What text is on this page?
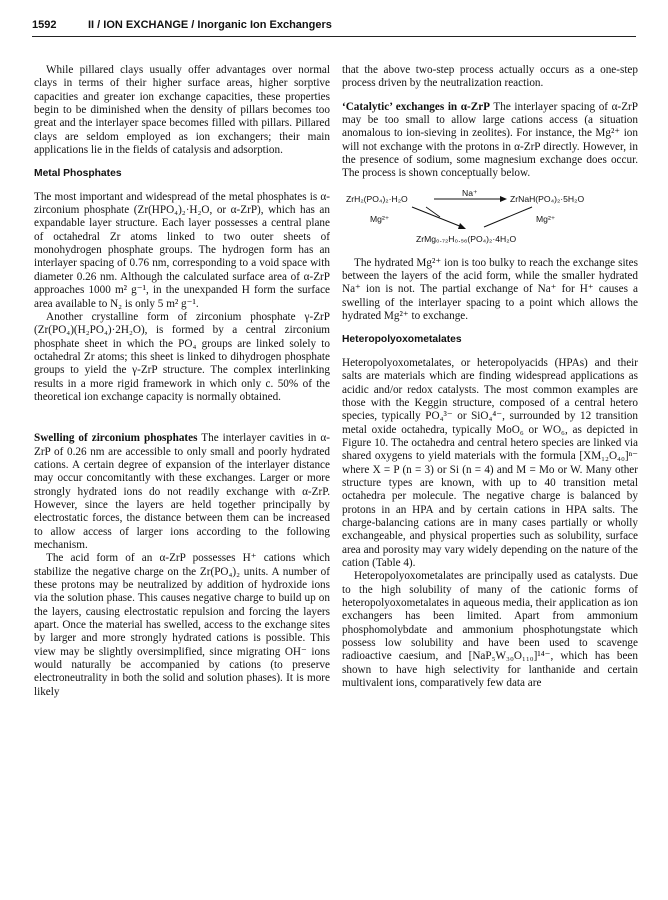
1592	II / ION EXCHANGE / Inorganic Ion Exchangers

While pillared clays usually offer advantages over normal clays in terms of their higher surface areas, higher sorptive capacities and greater ion exchange capacities, these properties begin to be diminished when the density of pillars becomes too great and the interlayer space becomes filled with pillars. Pillared clays are seldom employed as ion exchangers; their main applications lie in the fields of catalysis and adsorption.

Metal Phosphates

The most important and widespread of the metal phosphates is α-zirconium phosphate (Zr(HPO₄)₂·H₂O, or α-ZrP), which has an expandable layer structure. Each layer possesses a central plane of octahedral Zr atoms linked to two outer sheets of monohydrogen phosphate groups. The hydrogen form has an interlayer spacing of 0.76 nm, corresponding to a void space with diameter 0.26 nm. Although the calculated surface area of α-ZrP approaches 1000 m² g⁻¹, in the unexpanded H form the surface area available to N₂ is only 5 m² g⁻¹.

Another crystalline form of zirconium phosphate γ-ZrP (Zr(PO₄)(H₂PO₄)·2H₂O), is formed by a central zirconium phosphate sheet in which the PO₄ groups are linked solely to octahedral Zr atoms; this sheet is linked to dihydrogen phosphate groups to yield the γ-ZrP structure. The complex interlinking results in a more rigid framework in which only c. 50% of the theoretical ion exchange capacity is normally obtained.

Swelling of zirconium phosphates The interlayer cavities in α-ZrP of 0.26 nm are accessible to only small and poorly hydrated cations. A certain degree of expansion of the interlayer distance may occur concomitantly with these exchanges. Larger or more strongly hydrated ions do not readily exchange with α-ZrP. However, since the layers are held together principally by electrostatic forces, the distance between them can be increased to allow access of larger ions according to the following mechanism.

The acid form of an α-ZrP possesses H⁺ cations which stabilize the negative charge on the Zr(PO₄)₂ units. A number of these protons may be neutralized by addition of hydroxide ions via the solution phase. This causes negative charge to build up on the layers, causing electrostatic repulsion and forcing the layers apart. Once the material has swelled, access to the exchange sites by larger and more strongly hydrated cations is possible. This view may be slightly oversimplified, since migrating OH⁻ ions would naturally be accompanied by cations (to preserve electroneutrality in both the solid and solution phases). It is more likely

that the above two-step process actually occurs as a one-step process driven by the neutralization reaction.

‘Catalytic’ exchanges in α-ZrP The interlayer spacing of α-ZrP may be too small to allow large cations access (a situation anomalous to ion-sieving in zeolites). For instance, the Mg²⁺ ion will not exchange with the protons in α-ZrP directly. However, in the presence of sodium, some magnesium exchange does occur. The process is shown conceptually below.

ZrH₂(PO₄)₂·H₂O
Na⁺
ZrNaH(PO₄)₂·5H₂O
Mg²⁺	Mg²⁺
ZrMg₀.₇₂H₀.₅₆(PO₄)₂·4H₂O

The hydrated Mg²⁺ ion is too bulky to reach the exchange sites between the layers of the acid form, while the smaller hydrated Na⁺ ion is not. The partial exchange of Na⁺ for H⁺ causes a swelling of the interlayer spacing to a point which allows the hydrated Mg²⁺ to exchange.

Heteropolyoxometalates

Heteropolyoxometalates, or heteropolyacids (HPAs) and their salts are materials which are finding widespread applications as acidic and/or redox catalysts. The most common examples are those with the Keggin structure, composed of a central hetero species, typically PO₄³⁻ or SiO₄⁴⁻, surrounded by 12 transition metal oxide octahedra, typically MoO₆ or WO₆, as depicted in Figure 10. The octahedra and central hetero species are linked via shared oxygens to yield materials with the formula [XM₁₂O₄₀]ⁿ⁻ where X = P (n = 3) or Si (n = 4) and M = Mo or W. Many other structure types are known, with up to 40 transition metal octahedra per molecule. The negative charge is balanced by protons in an HPA and by certain cations in HPA salts. The charge-balancing cations are in many cases partially or wholly exchangeable, and physical properties such as solubility, surface area and porosity may vary widely depending on the nature of the cation (Table 4).

Heteropolyoxometalates are principally used as catalysts. Due to the high solubility of many of the cationic forms of heteropolyoxometalates in aqueous media, their application as ion exchangers has been limited. Apart from ammonium phosphomolybdate and ammonium phosphotungstate which possess low solubility and have been used to scavenge radioactive caesium, and [NaP₅W₃₀O₁₁₀]¹⁴⁻, which has been shown to have high selectivity for lanthanide and certain multivalent ions, comparatively few data are
